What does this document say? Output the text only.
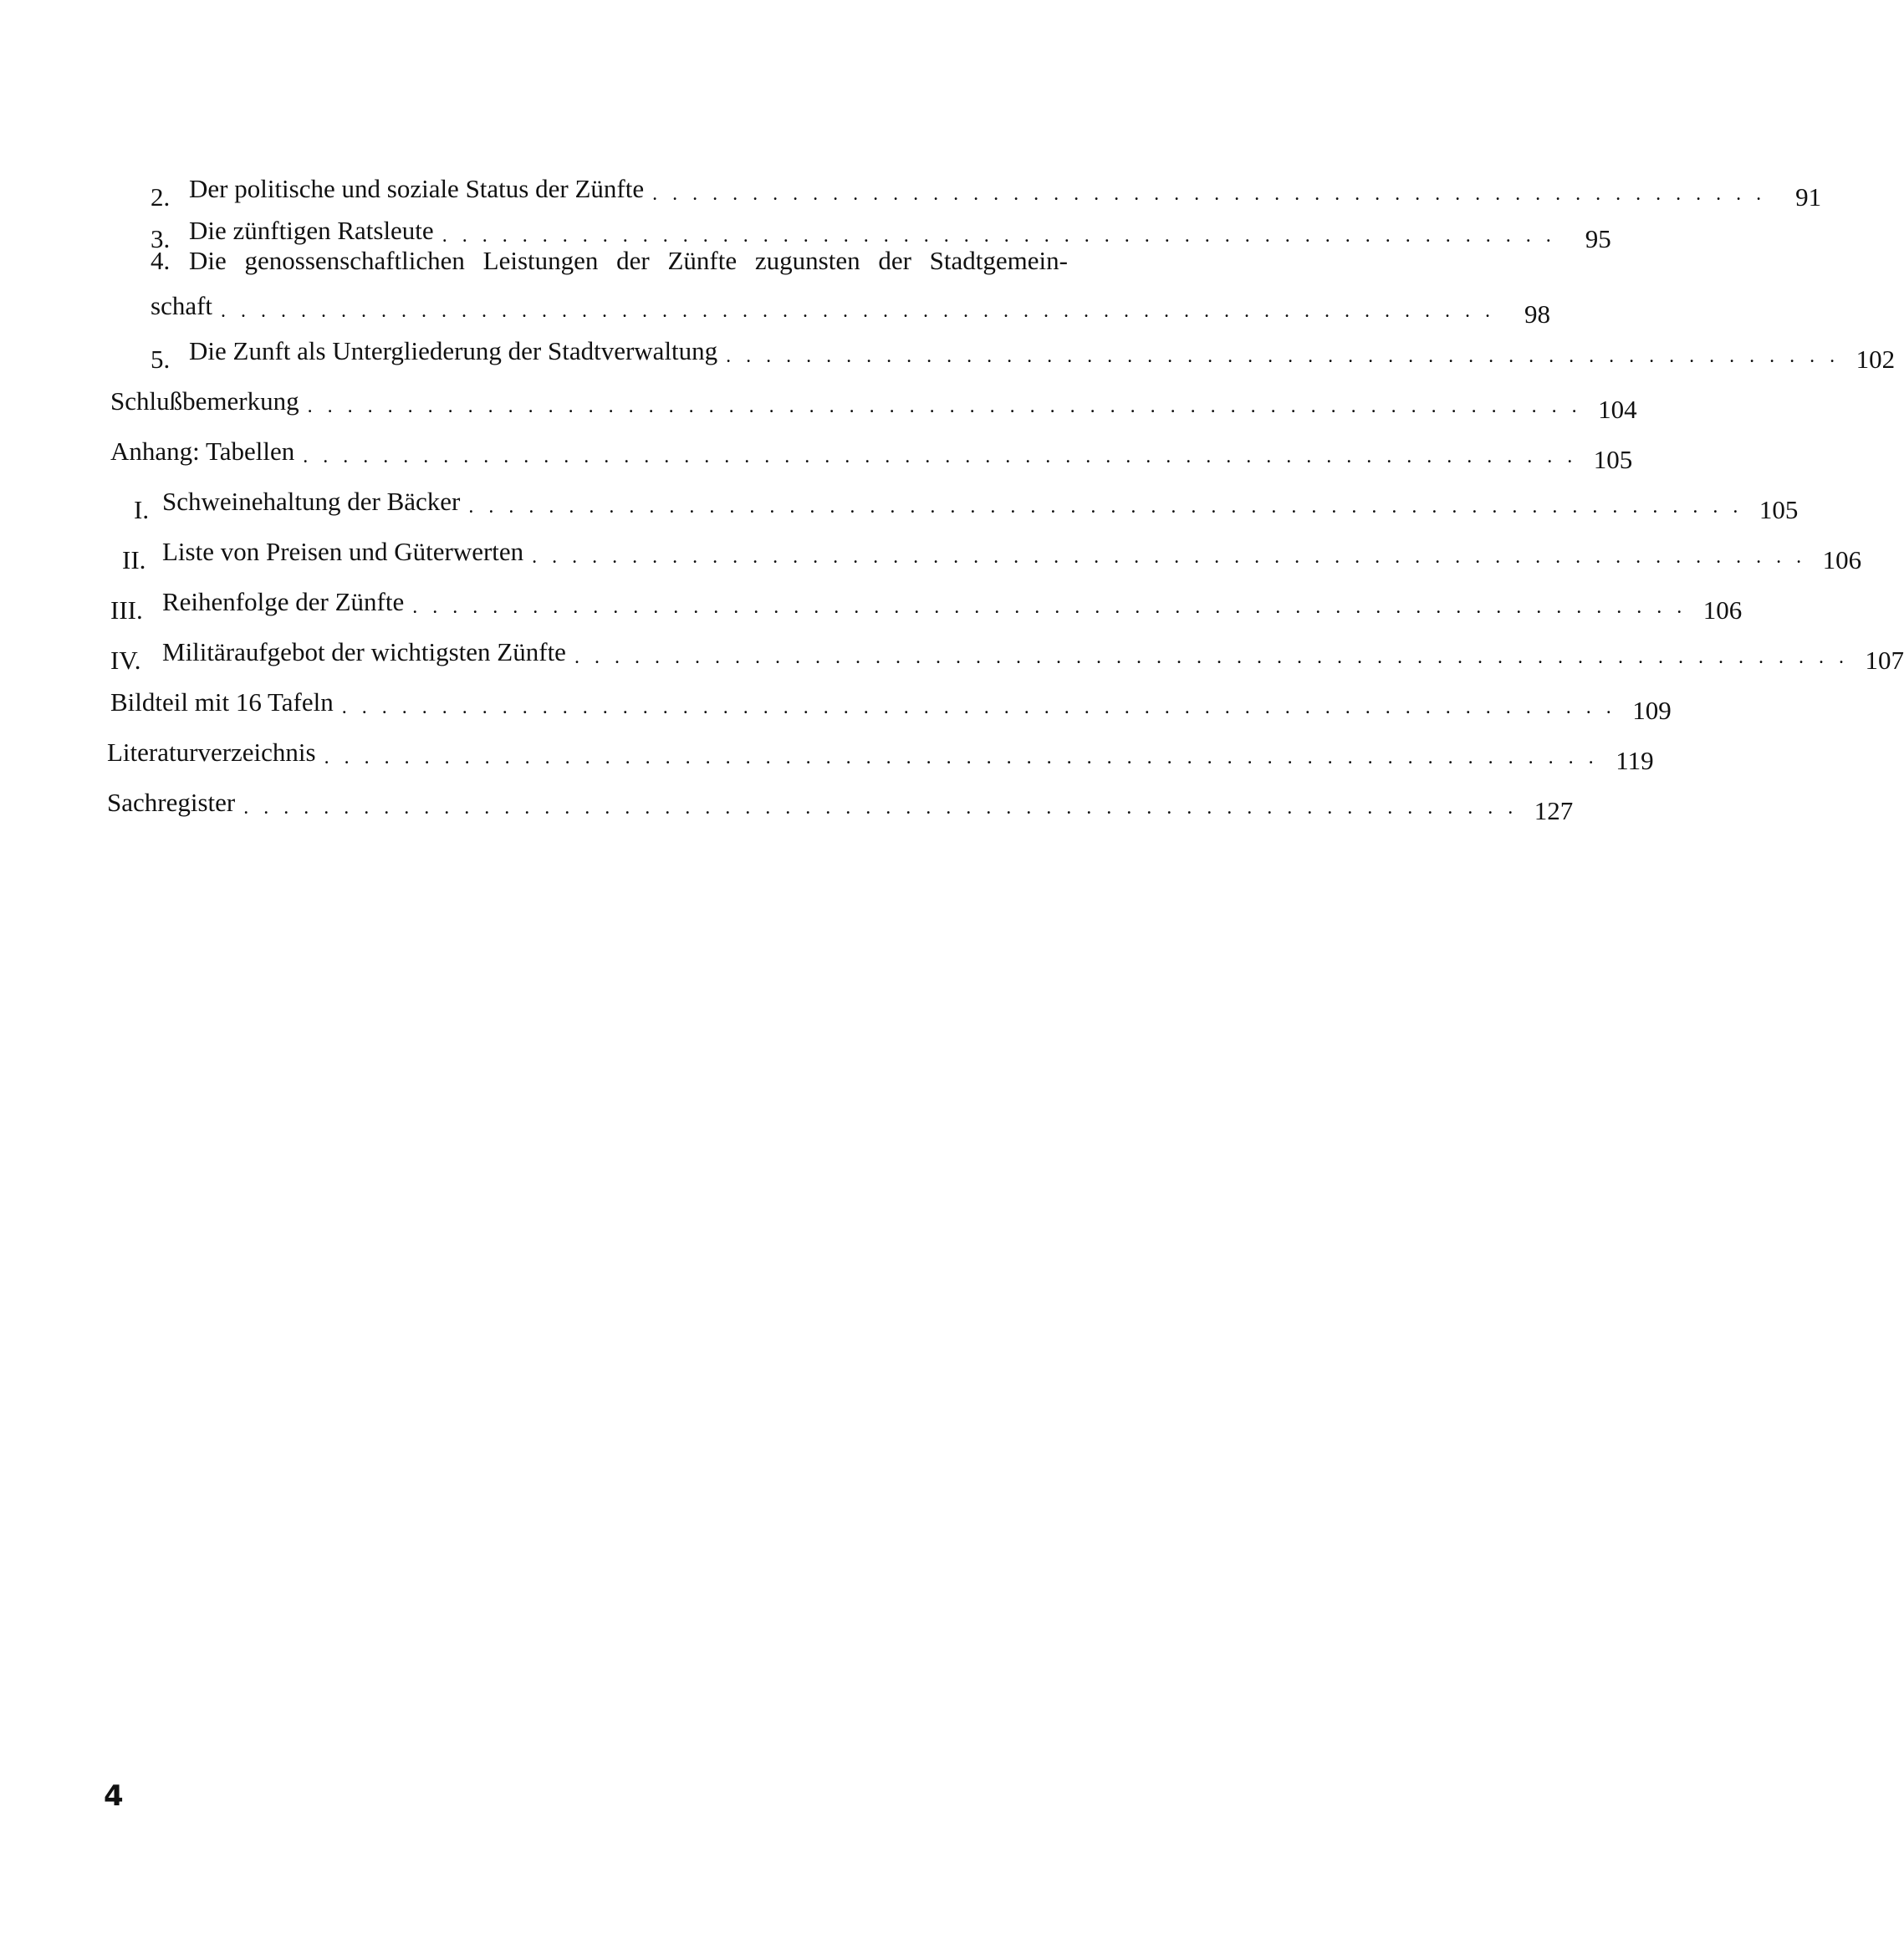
2. Der politische und soziale Status der Zünfte . . . . . . . . . . . . . . . . . . . . . . . . . . . . . . . . . . . . . . . . . . . . . . . . . . . . . . . .	91
3. Die zünftigen Ratsleute . . . . . . . . . . . . . . . . . . . . . . . . . . . . . . . . . . . . . . . . . . . . . . . . . . . . . . . .	95
4. Die genossenschaftlichen Leistungen der Zünfte zugunsten der Stadtgemein-
schaft . . . . . . . . . . . . . . . . . . . . . . . . . . . . . . . . . . . . . . . . . . . . . . . . . . . . . . . . . . . . . . . .	98
5. Die Zunft als Untergliederung der Stadtverwaltung . . . . . . . . . . . . . . . . . . . . . . . . . . . . . . . . . . . . . . . . . . . . . . . . . . . . . . . . 102
Schlußbemerkung . . . . . . . . . . . . . . . . . . . . . . . . . . . . . . . . . . . . . . . . . . . . . . . . . . . . . . . . . . . . . . . . 104
Anhang: Tabellen . . . . . . . . . . . . . . . . . . . . . . . . . . . . . . . . . . . . . . . . . . . . . . . . . . . . . . . . . . . . . . . . 105
I. Schweinehaltung der Bäcker . . . . . . . . . . . . . . . . . . . . . . . . . . . . . . . . . . . . . . . . . . . . . . . . . . . . . . . . . . . . . . . . 105
II. Liste von Preisen und Güterwerten . . . . . . . . . . . . . . . . . . . . . . . . . . . . . . . . . . . . . . . . . . . . . . . . . . . . . . . . . . . . . . . . 106
III. Reihenfolge der Zünfte . . . . . . . . . . . . . . . . . . . . . . . . . . . . . . . . . . . . . . . . . . . . . . . . . . . . . . . . . . . . . . . . 106
IV. Militäraufgebot der wichtigsten Zünfte . . . . . . . . . . . . . . . . . . . . . . . . . . . . . . . . . . . . . . . . . . . . . . . . . . . . . . . . . . . . . . . . 107
Bildteil mit 16 Tafeln . . . . . . . . . . . . . . . . . . . . . . . . . . . . . . . . . . . . . . . . . . . . . . . . . . . . . . . . . . . . . . . . 109
Literaturverzeichnis . . . . . . . . . . . . . . . . . . . . . . . . . . . . . . . . . . . . . . . . . . . . . . . . . . . . . . . . . . . . . . . . 119
Sachregister . . . . . . . . . . . . . . . . . . . . . . . . . . . . . . . . . . . . . . . . . . . . . . . . . . . . . . . . . . . . . . . . 127
4
